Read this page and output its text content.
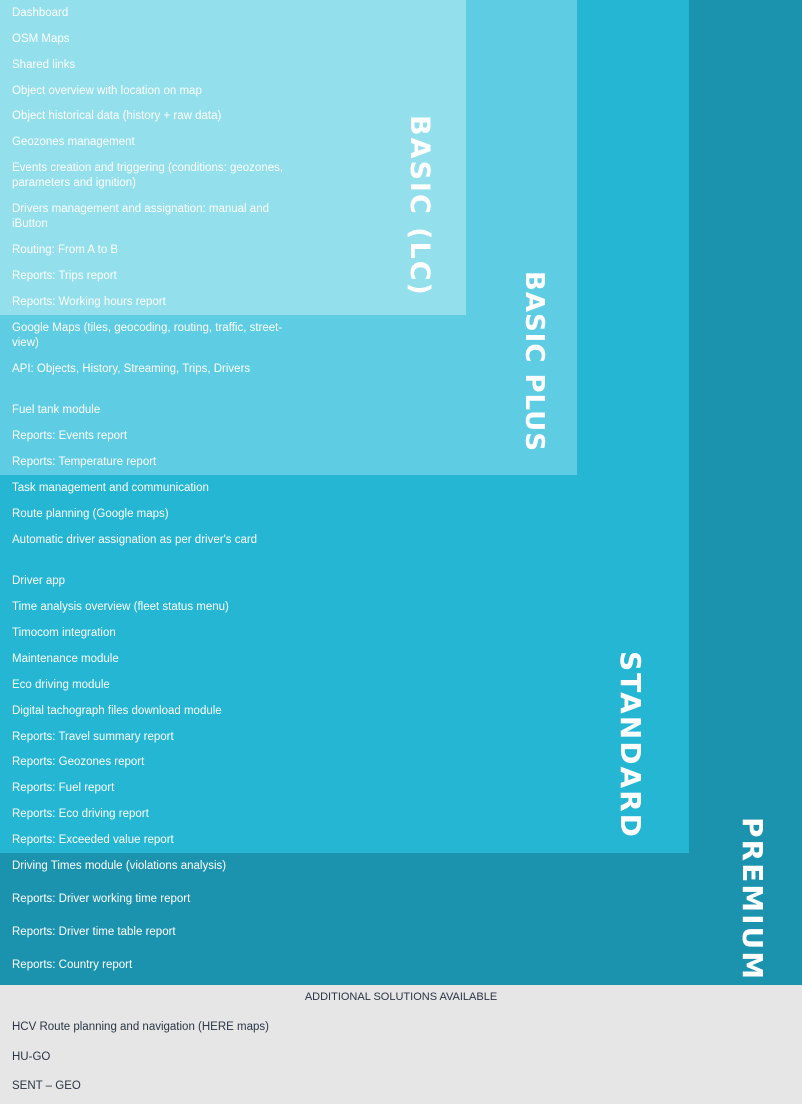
BASIC (LC)
BASIC PLUS
STANDARD
PREMIUM
Dashboard
OSM Maps
Shared links
Object overview with location on map
Object historical data (history + raw data)
Geozones management
Events creation and triggering (conditions: geozones, parameters and ignition)
Drivers management and assignation: manual and iButton
Routing: From A to B
Reports: Trips report
Reports: Working hours report
Google Maps (tiles, geocoding, routing, traffic, street-view)
API: Objects, History, Streaming, Trips, Drivers
Fuel tank module
Reports: Events report
Reports: Temperature report
Task management and communication
Route planning (Google maps)
Automatic driver assignation as per driver's card
Driver app
Time analysis overview (fleet status menu)
Timocom integration
Maintenance module
Eco driving module
Digital tachograph files download module
Reports: Travel summary report
Reports: Geozones report
Reports: Fuel report
Reports: Eco driving report
Reports: Exceeded value report
Driving Times module (violations analysis)
Reports: Driver working time report
Reports: Driver time table report
Reports: Country report
ADDITIONAL SOLUTIONS AVAILABLE
HCV Route planning and navigation (HERE maps)
HU-GO
SENT – GEO
